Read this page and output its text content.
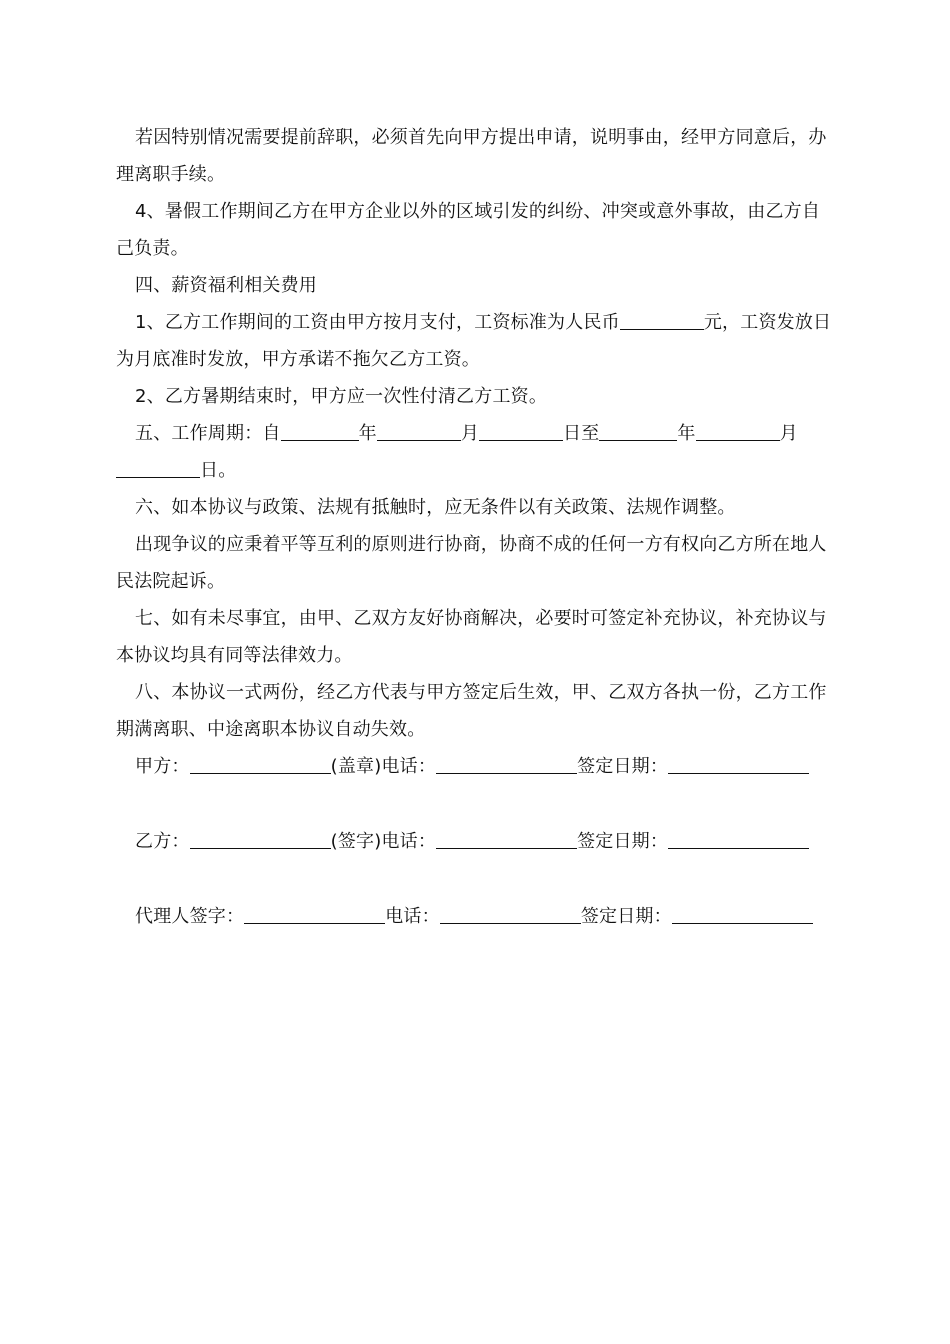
若因特别情况需要提前辞职，必须首先向甲方提出申请，说明事由，经甲方同意后，办理离职手续。

4、暑假工作期间乙方在甲方企业以外的区域引发的纠纷、冲突或意外事故，由乙方自己负责。

四、薪资福利相关费用

1、乙方工作期间的工资由甲方按月支付，工资标准为人民币	元，工资发放日为月底准时发放，甲方承诺不拖欠乙方工资。

2、乙方暑期结束时，甲方应一次性付清乙方工资。

五、工作周期：自	年	月	日至	年	月日。

六、如本协议与政策、法规有抵触时，应无条件以有关政策、法规作调整。

出现争议的应秉着平等互利的原则进行协商，协商不成的任何一方有权向乙方所在地人民法院起诉。

七、如有未尽事宜，由甲、乙双方友好协商解决，必要时可签定补充协议，补充协议与本协议均具有同等法律效力。

八、本协议一式两份，经乙方代表与甲方签定后生效，甲、乙双方各执一份，乙方工作期满离职、中途离职本协议自动失效。

甲方：	(盖章)电话：	签定日期：
乙方：	(签字)电话：	签定日期：
代理人签字：	电话：	签定日期：
